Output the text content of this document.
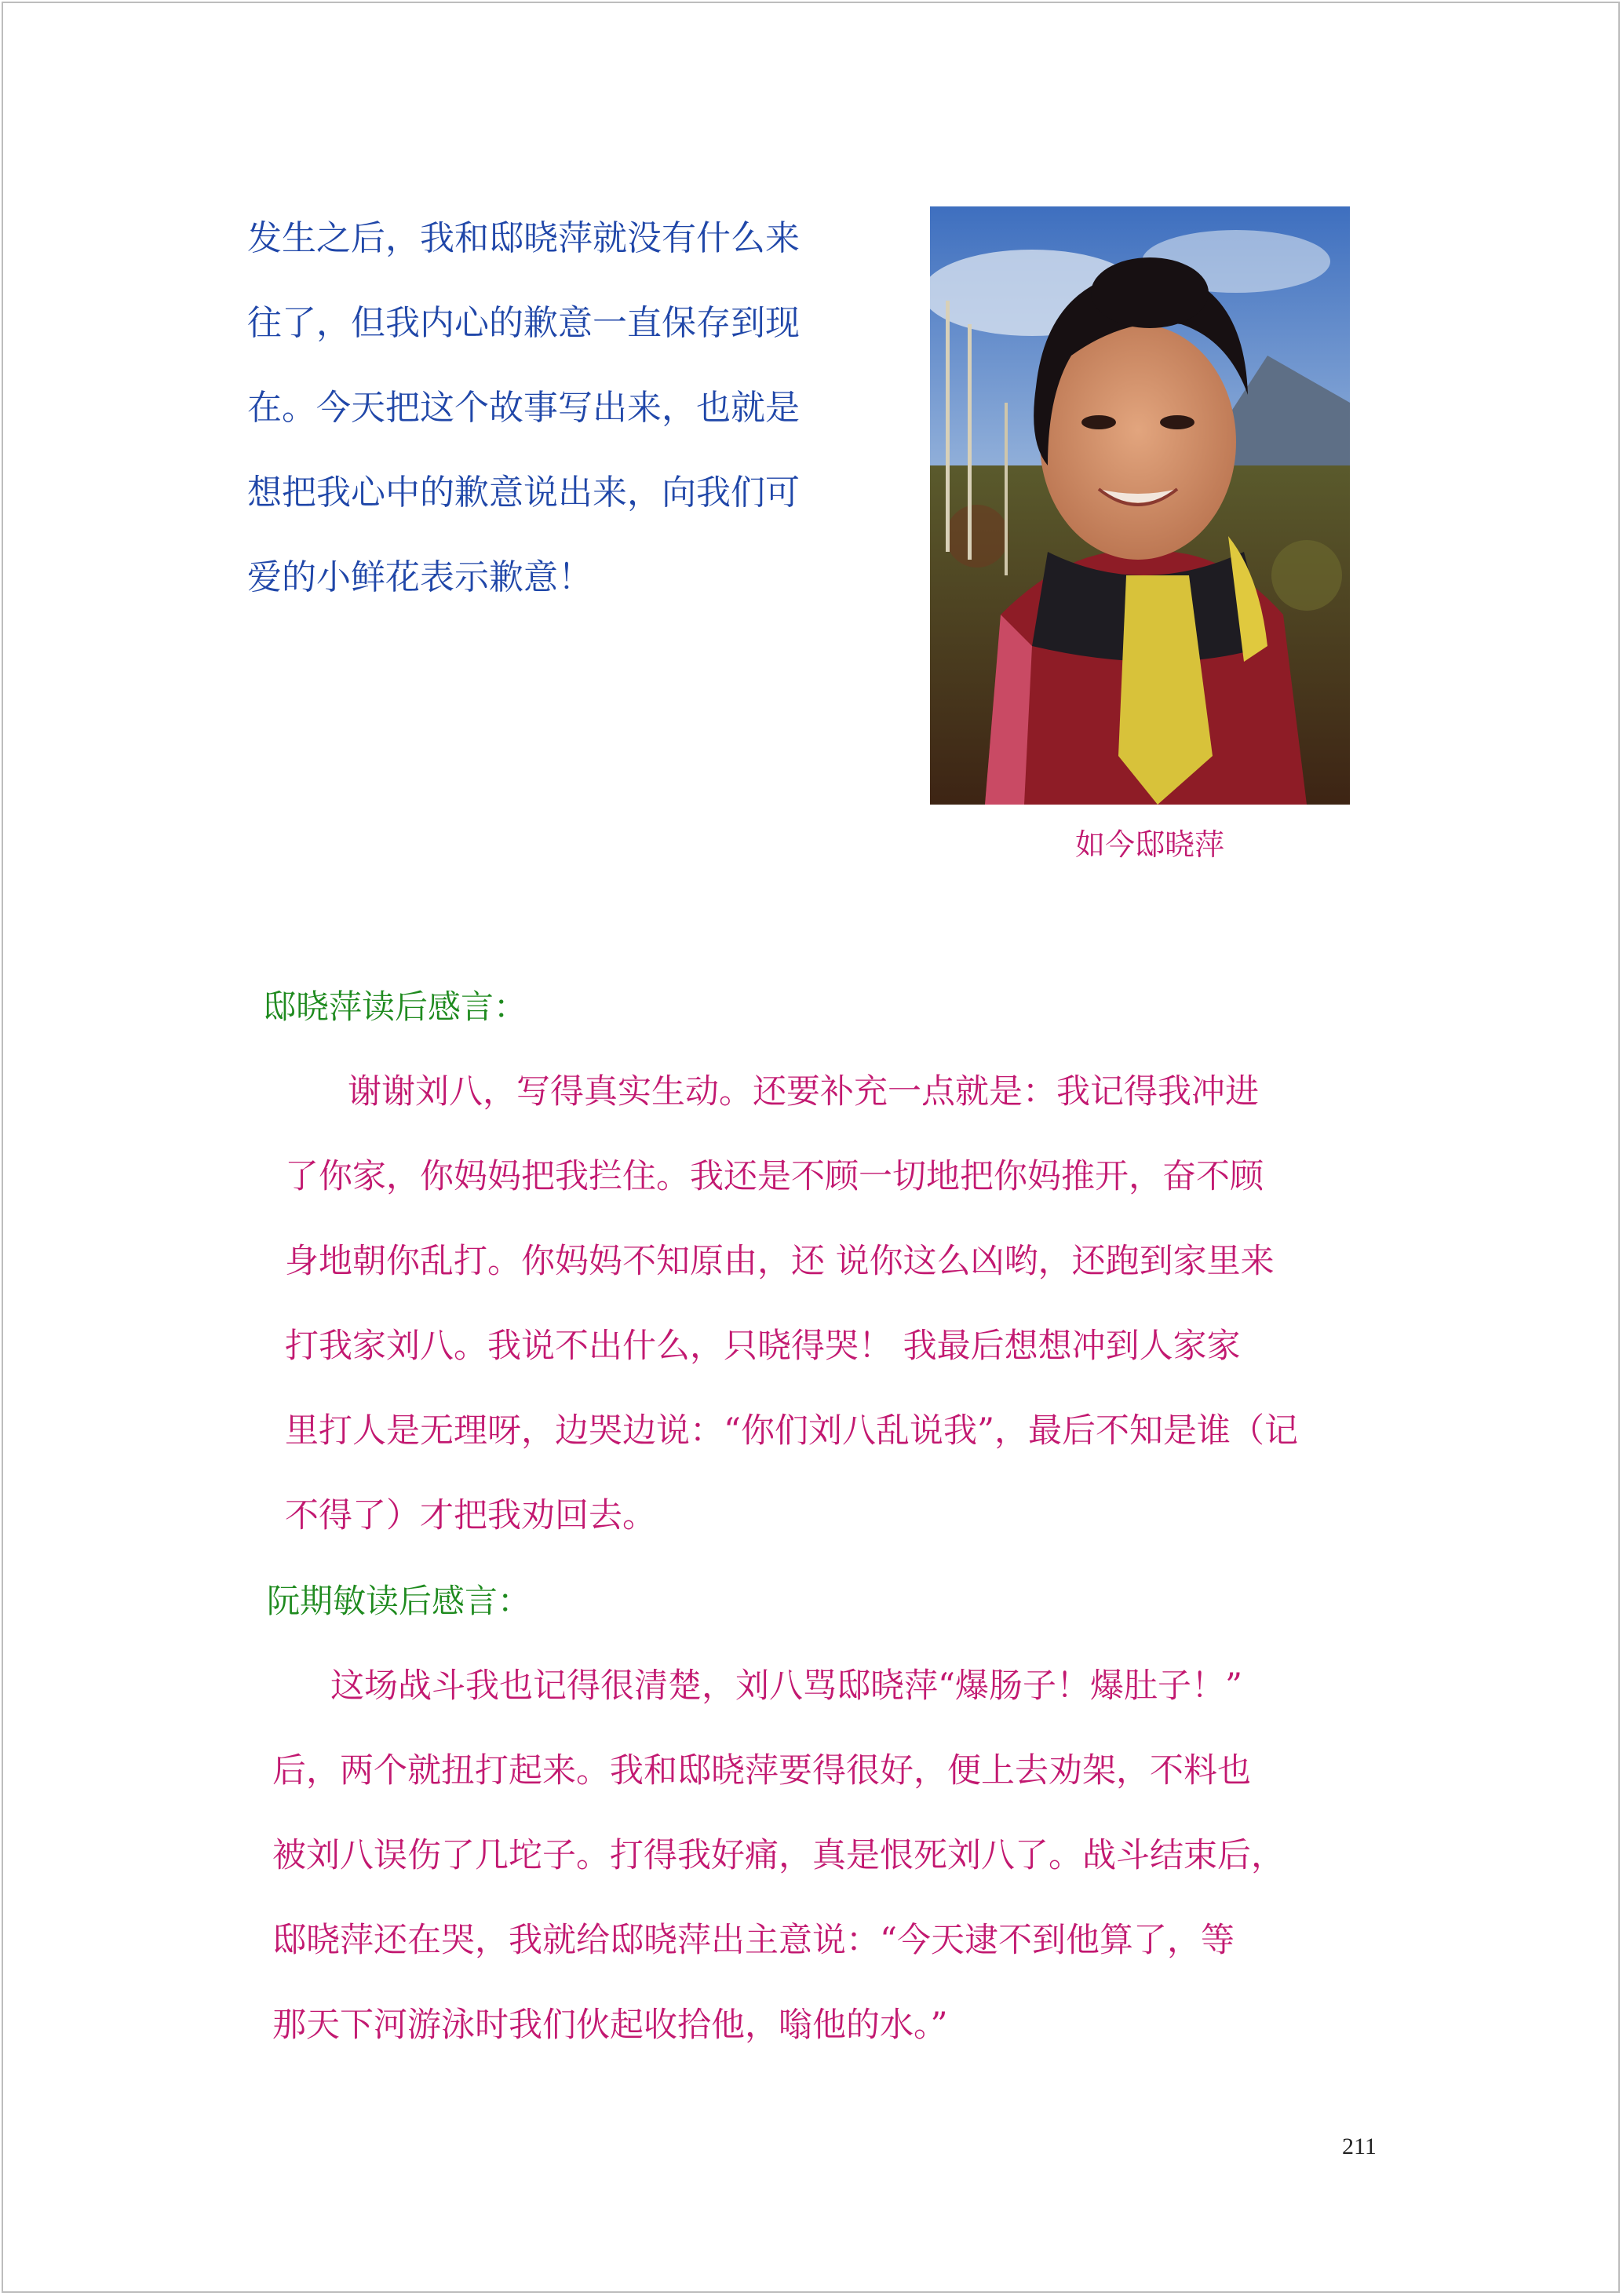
发生之后，我和邸晓萍就没有什么来
往了，但我内心的歉意一直保存到现
在。今天把这个故事写出来，也就是
想把我心中的歉意说出来，向我们可
爱的小鲜花表示歉意！
如今邸晓萍
邸晓萍读后感言：
谢谢刘八，写得真实生动。还要补充一点就是：我记得我冲进
了你家，你妈妈把我拦住。我还是不顾一切地把你妈推开，奋不顾
身地朝你乱打。你妈妈不知原由，还 说你这么凶哟，还跑到家里来
打我家刘八。我说不出什么，只晓得哭！ 我最后想想冲到人家家
里打人是无理呀，边哭边说：“你们刘八乱说我”，最后不知是谁（记
不得了）才把我劝回去。
阮期敏读后感言：
这场战斗我也记得很清楚，刘八骂邸晓萍“爆肠子！爆肚子！”
后，两个就扭打起来。我和邸晓萍要得很好，便上去劝架，不料也
被刘八误伤了几坨子。打得我好痛，真是恨死刘八了。战斗结束后，
邸晓萍还在哭，我就给邸晓萍出主意说：“今天逮不到他算了，等
那天下河游泳时我们伙起收拾他，嗡他的水。”
211
